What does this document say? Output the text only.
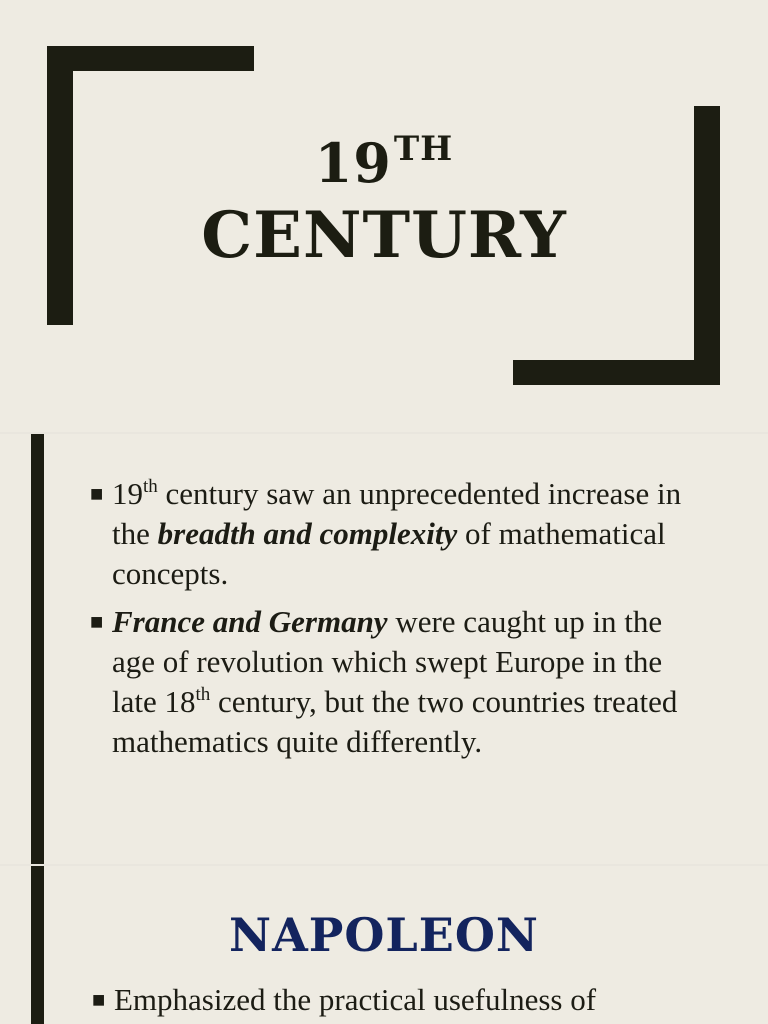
19TH
CENTURY
■ 19th century saw an unprecedented increase in the breadth and complexity of mathematical concepts.
■ France and Germany were caught up in the age of revolution which swept Europe in the late 18th century, but the two countries treated mathematics quite differently.
NAPOLEON
■ Emphasized the practical usefulness of
